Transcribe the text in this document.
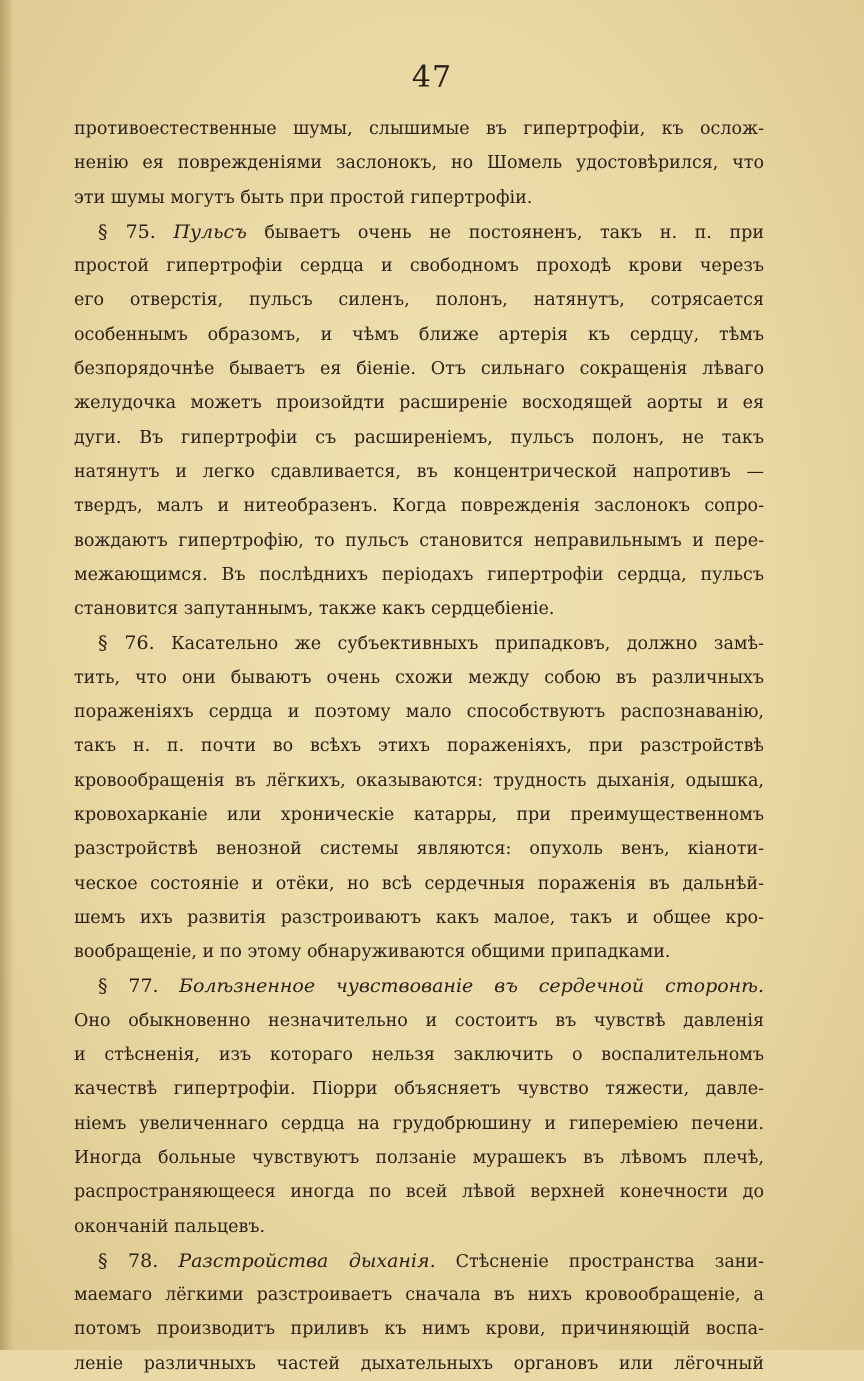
47
противоестественные шумы, слышимые въ гипертрофіи, къ ослож-
ненію ея поврежденіями заслонокъ, но Шомель удостовѣрился, что
эти шумы могутъ быть при простой гипертрофіи.
§ 75. Пульсъ бываетъ очень не постояненъ, такъ н. п. при
простой гипертрофіи сердца и свободномъ проходѣ крови черезъ
его отверстія, пульсъ силенъ, полонъ, натянутъ, сотрясается
особеннымъ образомъ, и чѣмъ ближе артерія къ сердцу, тѣмъ
безпорядочнѣе бываетъ ея біеніе. Отъ сильнаго сокращенія лѣваго
желудочка можетъ произойдти расширеніе восходящей аорты и ея
дуги. Въ гипертрофіи съ расширеніемъ, пульсъ полонъ, не такъ
натянутъ и легко сдавливается, въ концентрической напротивъ —
твердъ, малъ и нитеобразенъ. Когда поврежденія заслонокъ сопро-
вождаютъ гипертрофію, то пульсъ становится неправильнымъ и пере-
межающимся. Въ послѣднихъ періодахъ гипертрофіи сердца, пульсъ
становится запутаннымъ, также какъ сердцебіеніе.
§ 76. Касательно же субъективныхъ припадковъ, должно замѣ-
тить, что они бываютъ очень схожи между собою въ различныхъ
пораженіяхъ сердца и поэтому мало способствуютъ распознаванію,
такъ н. п. почти во всѣхъ этихъ пораженіяхъ, при разстройствѣ
кровообращенія въ лёгкихъ, оказываются: трудность дыханія, одышка,
кровохарканіе или хроническіе катарры, при преимущественномъ
разстройствѣ венозной системы являются: опухоль венъ, кіаноти-
ческое состояніе и отёки, но всѣ сердечныя пораженія въ дальнѣй-
шемъ ихъ развитія разстроиваютъ какъ малое, такъ и общее кро-
вообращеніе, и по этому обнаруживаются общими припадками.
§ 77. Болѣзненное чувствованіе въ сердечной сторонѣ.
Оно обыкновенно незначительно и состоитъ въ чувствѣ давленія
и стѣсненія, изъ котораго нельзя заключить о воспалительномъ
качествѣ гипертрофіи. Піорри объясняетъ чувство тяжести, давле-
ніемъ увеличеннаго сердца на грудобрюшину и гипереміею печени.
Иногда больные чувствуютъ ползаніе мурашекъ въ лѣвомъ плечѣ,
распространяющееся иногда по всей лѣвой верхней конечности до
окончаній пальцевъ.
§ 78. Разстройства дыханія. Стѣсненіе пространства зани-
маемаго лёгкими разстроиваетъ сначала въ нихъ кровообращеніе, а
потомъ производитъ приливъ къ нимъ крови, причиняющій воспа-
леніе различныхъ частей дыхательныхъ органовъ или лёгочный
